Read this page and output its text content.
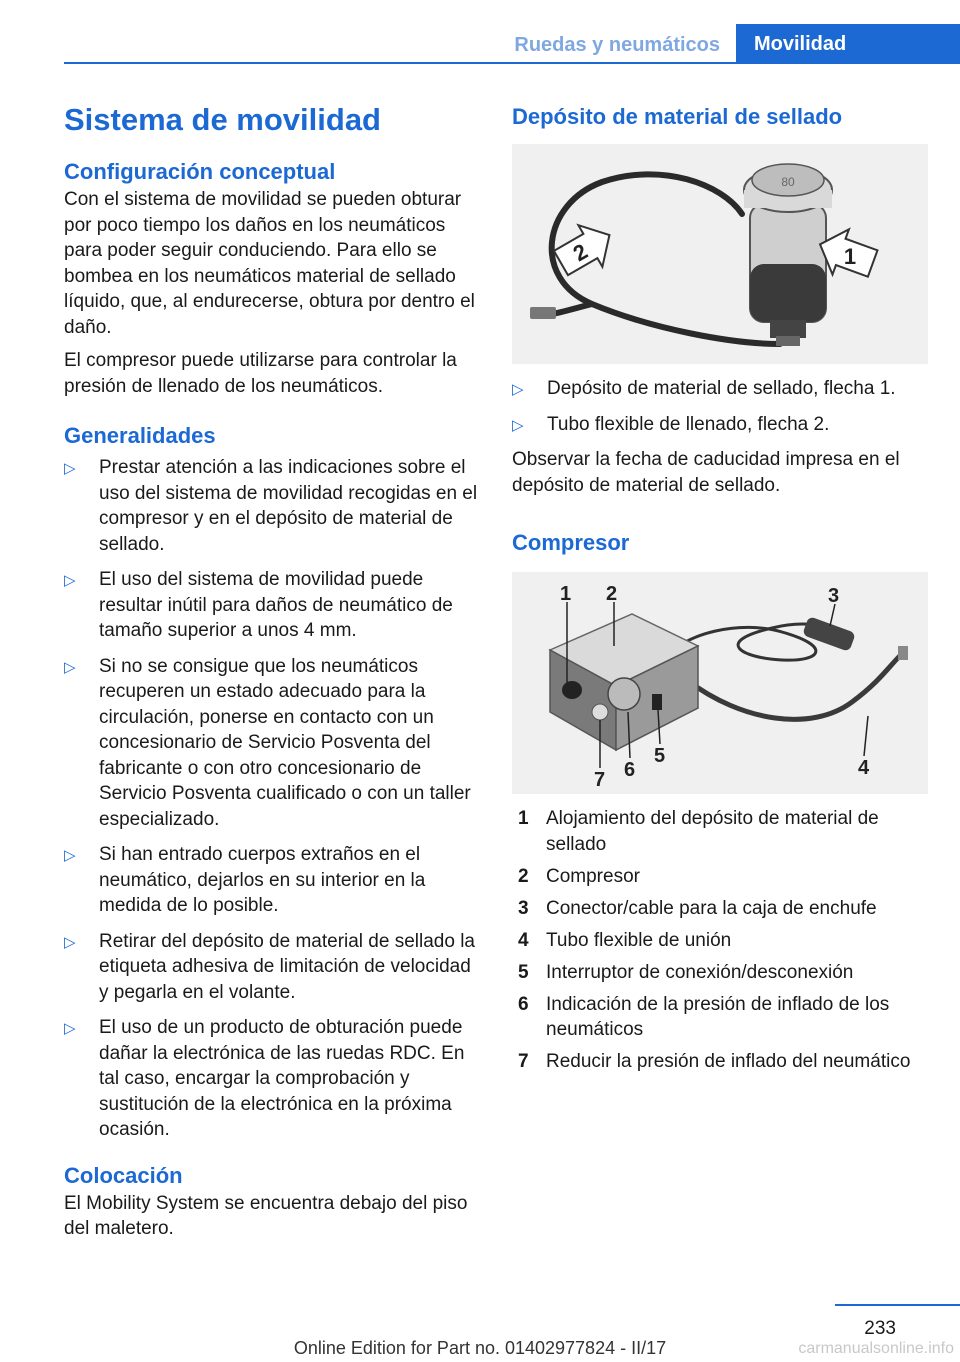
Ruedas y neumáticos	Movilidad
Sistema de movilidad
Configuración conceptual
Con el sistema de movilidad se pueden obturar por poco tiempo los daños en los neumáticos para poder seguir conduciendo. Para ello se bombea en los neumáticos material de sellado líquido, que, al endurecerse, obtura por dentro el daño.
El compresor puede utilizarse para controlar la presión de llenado de los neumáticos.
Generalidades
▷ Prestar atención a las indicaciones sobre el uso del sistema de movilidad recogidas en el compresor y en el depósito de material de sellado.
▷ El uso del sistema de movilidad puede resultar inútil para daños de neumático de tamaño superior a unos 4 mm.
▷ Si no se consigue que los neumáticos recuperen un estado adecuado para la circulación, ponerse en contacto con un concesionario de Servicio Posventa del fabricante o con otro concesionario de Servicio Posventa cualificado o con un taller especializado.
▷ Si han entrado cuerpos extraños en el neumático, dejarlos en su interior en la medida de lo posible.
▷ Retirar del depósito de material de sellado la etiqueta adhesiva de limitación de velocidad y pegarla en el volante.
▷ El uso de un producto de obturación puede dañar la electrónica de las ruedas RDC. En tal caso, encargar la comprobación y sustitución de la electrónica en la próxima ocasión.
Colocación
El Mobility System se encuentra debajo del piso del maletero.
Depósito de material de sellado
80
2	1
▷ Depósito de material de sellado, flecha 1.
▷ Tubo flexible de llenado, flecha 2.
Observar la fecha de caducidad impresa en el depósito de material de sellado.
Compresor
1 2	3
4
5
6
7
1 Alojamiento del depósito de material de sellado
2 Compresor
3 Conector/cable para la caja de enchufe
4 Tubo flexible de unión
5 Interruptor de conexión/desconexión
6 Indicación de la presión de inflado de los neumáticos
7 Reducir la presión de inflado del neumático
233
Online Edition for Part no. 01402977824 - II/17	carmanualsonline.info
